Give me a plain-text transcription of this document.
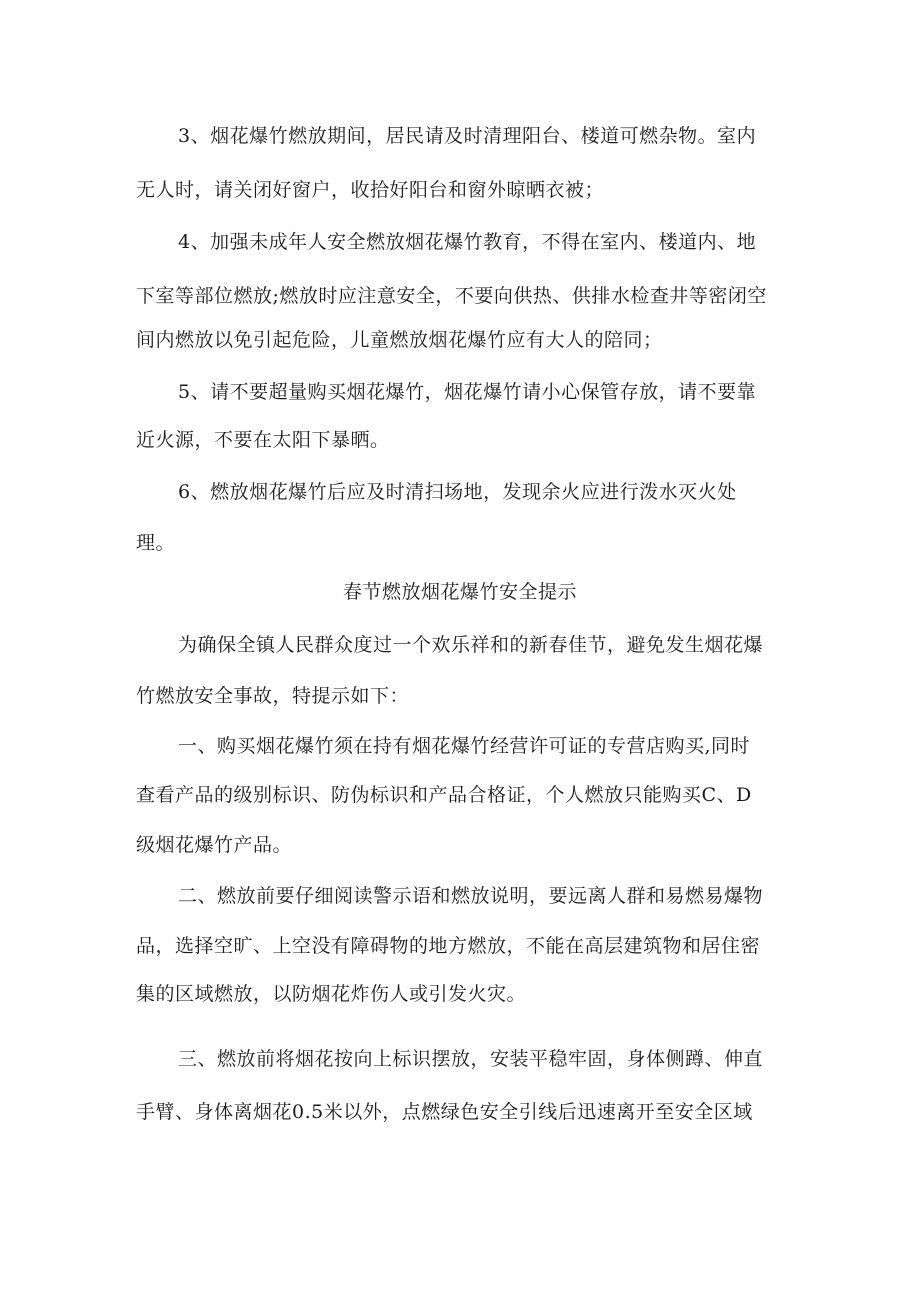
3、烟花爆竹燃放期间，居民请及时清理阳台、楼道可燃杂物。室内
无人时，请关闭好窗户，收拾好阳台和窗外晾晒衣被；
4、加强未成年人安全燃放烟花爆竹教育，不得在室内、楼道内、地
下室等部位燃放;燃放时应注意安全，不要向供热、供排水检查井等密闭空
间内燃放以免引起危险，儿童燃放烟花爆竹应有大人的陪同；
5、请不要超量购买烟花爆竹，烟花爆竹请小心保管存放，请不要靠
近火源，不要在太阳下暴晒。
6、燃放烟花爆竹后应及时清扫场地，发现余火应进行泼水灭火处
理。
春节燃放烟花爆竹安全提示
为确保全镇人民群众度过一个欢乐祥和的新春佳节，避免发生烟花爆
竹燃放安全事故，特提示如下：
一、购买烟花爆竹须在持有烟花爆竹经营许可证的专营店购买,同时
查看产品的级别标识、防伪标识和产品合格证，个人燃放只能购买C、D
级烟花爆竹产品。
二、燃放前要仔细阅读警示语和燃放说明，要远离人群和易燃易爆物
品，选择空旷、上空没有障碍物的地方燃放，不能在高层建筑物和居住密
集的区域燃放，以防烟花炸伤人或引发火灾。
三、燃放前将烟花按向上标识摆放，安装平稳牢固，身体侧蹲、伸直
手臂、身体离烟花0.5米以外，点燃绿色安全引线后迅速离开至安全区域
